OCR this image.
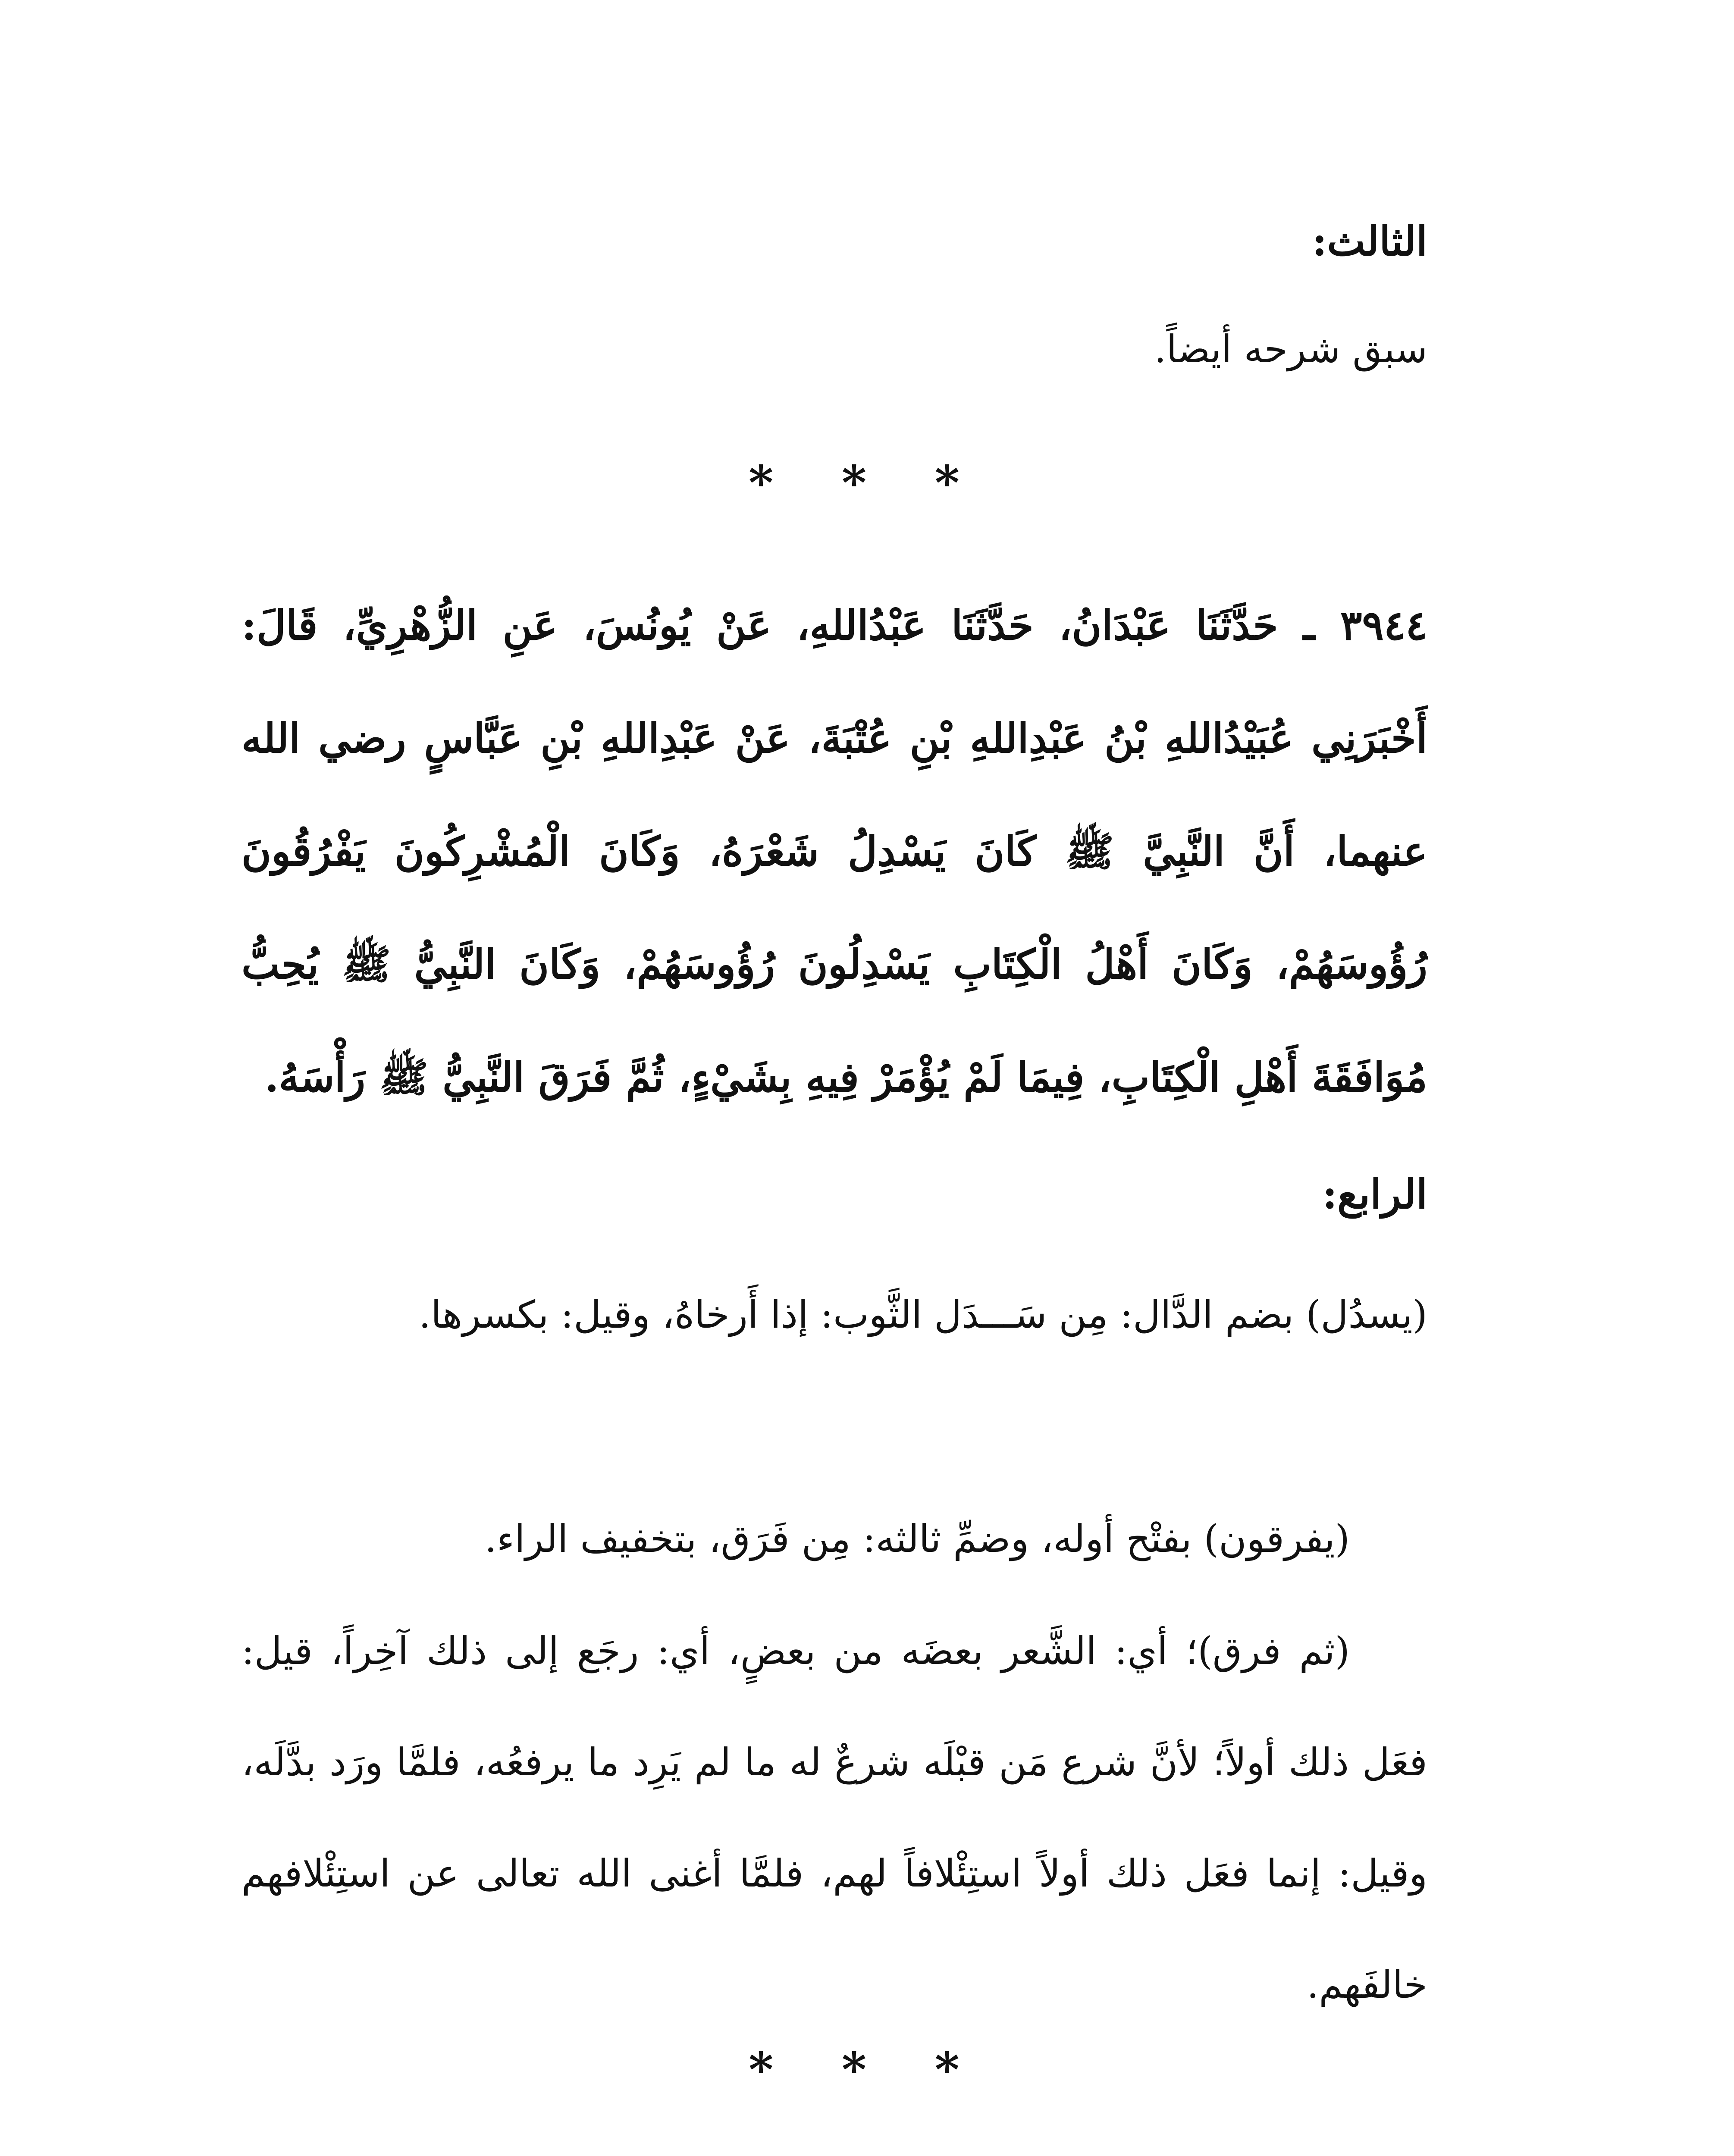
الثالث:
سبق شرحه أيضاً.
* * *
٣٩٤٤ ـ حَدَّثَنَا عَبْدَانُ، حَدَّثَنَا عَبْدُاللهِ، عَنْ يُونُسَ، عَنِ الزُّهْرِيِّ، قَالَ: أَخْبَرَنِي عُبَيْدُاللهِ بْنُ عَبْدِاللهِ بْنِ عُتْبَةَ، عَنْ عَبْدِاللهِ بْنِ عَبَّاسٍ رضي الله عنهما، أَنَّ النَّبِيَّ ﷺ كَانَ يَسْدِلُ شَعْرَهُ، وَكَانَ الْمُشْرِكُونَ يَفْرُقُونَ رُؤُوسَهُمْ، وَكَانَ أَهْلُ الْكِتَابِ يَسْدِلُونَ رُؤُوسَهُمْ، وَكَانَ النَّبِيُّ ﷺ يُحِبُّ مُوَافَقَةَ أَهْلِ الْكِتَابِ، فِيمَا لَمْ يُؤْمَرْ فِيهِ بِشَيْءٍ، ثُمَّ فَرَقَ النَّبِيُّ ﷺ رَأْسَهُ.
الرابع:
(يسدُل) بضم الدَّال: مِن سَـــدَل الثَّوب: إذا أَرخاهُ، وقيل: بكسرها.
(يفرقون) بفتْح أوله، وضمِّ ثالثه: مِن فَرَق، بتخفيف الراء.
(ثم فرق)؛ أي: الشَّعر بعضَه من بعضٍ، أي: رجَع إلى ذلك آخِراً، قيل: فعَل ذلك أولاً؛ لأنَّ شرع مَن قبْلَه شرعٌ له ما لم يَرِد ما يرفعُه، فلمَّا ورَد بدَّلَه، وقيل: إنما فعَل ذلك أولاً استِئْلافاً لهم، فلمَّا أغنى الله تعالى عن استِئْلافهم خالفَهم.
* * *
